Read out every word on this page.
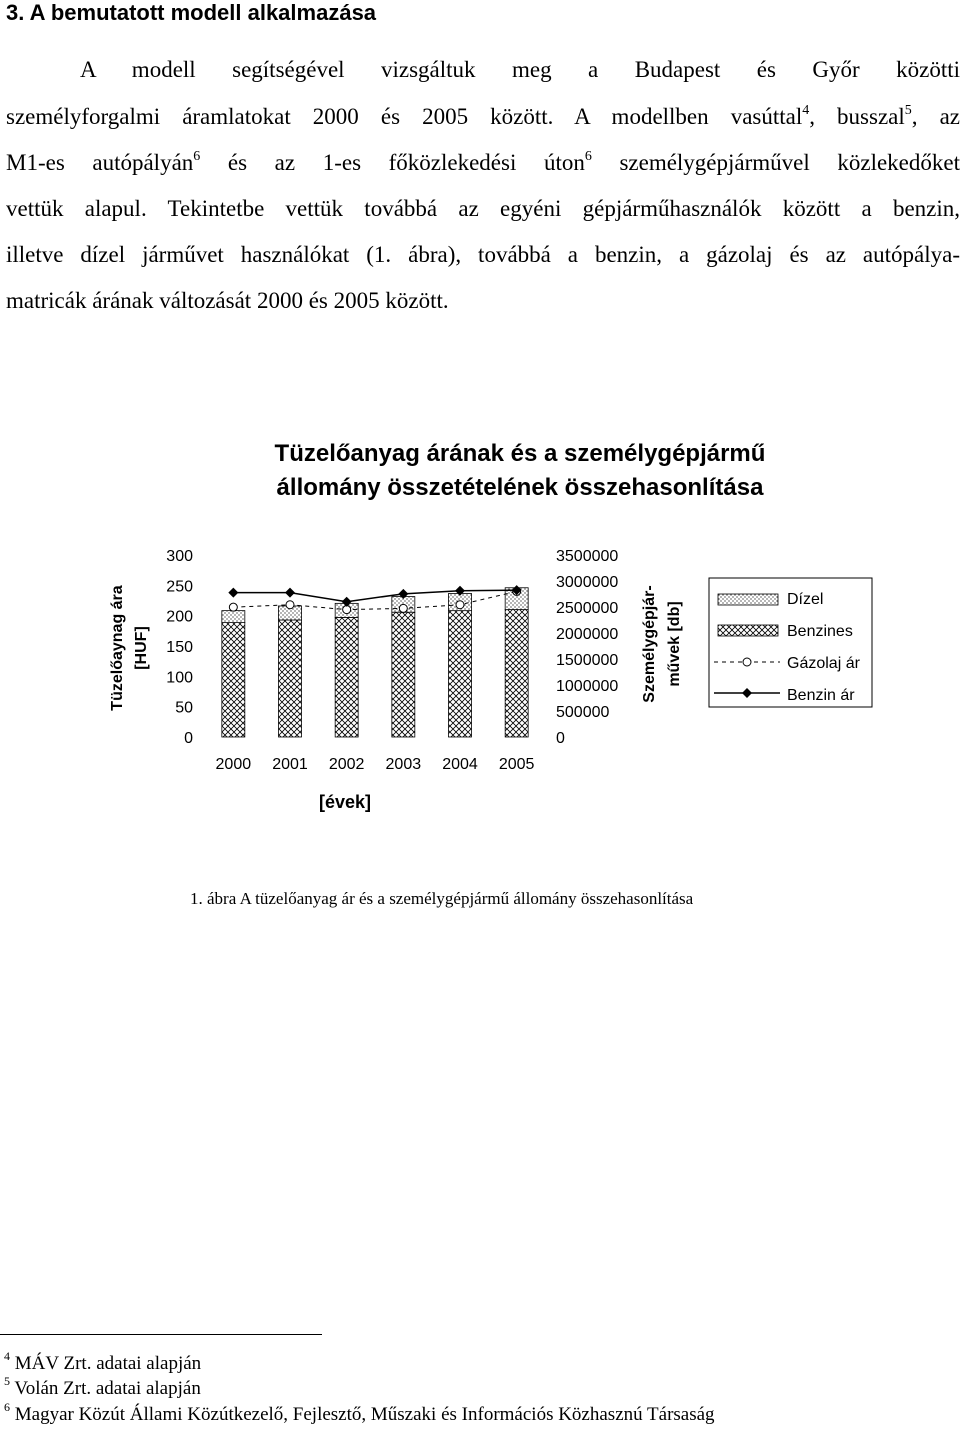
3. A bemutatott modell alkalmazása
A modell segítségével vizsgáltuk meg a Budapest és Győr közötti
személyforgalmi áramlatokat 2000 és 2005 között. A modellben vasúttal$^4$, busszal$^5$, az
M1-es autópályán$^6$ és az 1-es főközlekedési úton$^6$ személygépjárművel közlekedőket
vettük alapul. Tekintetbe vettük továbbá az egyéni gépjárműhasználók között a benzin,
illetve dízel járművet használókat (1. ábra), továbbá a benzin, a gázolaj és az autópálya-
matricák árának változását 2000 és 2005 között.
Tüzelőanyag árának és a személygépjármű
állomány összetételének összehasonlítása
0
50
100
150
200
250
300
0
500000
1000000
1500000
2000000
2500000
3000000
3500000
2000 2001 2002 2003 2004 2005
[évek]
Tüzelőaynag ára [HUF]	Személygépjár- művek [db]
Dízel
Benzines
Gázolaj ár
Benzin ár
1. ábra A tüzelőanyag ár és a személygépjármű állomány összehasonlítása
$^4$ MÁV Zrt. adatai alapján
$^5$ Volán Zrt. adatai alapján
$^6$ Magyar Közút Állami Közútkezelő, Fejlesztő, Műszaki és Információs Közhasznú Társaság
